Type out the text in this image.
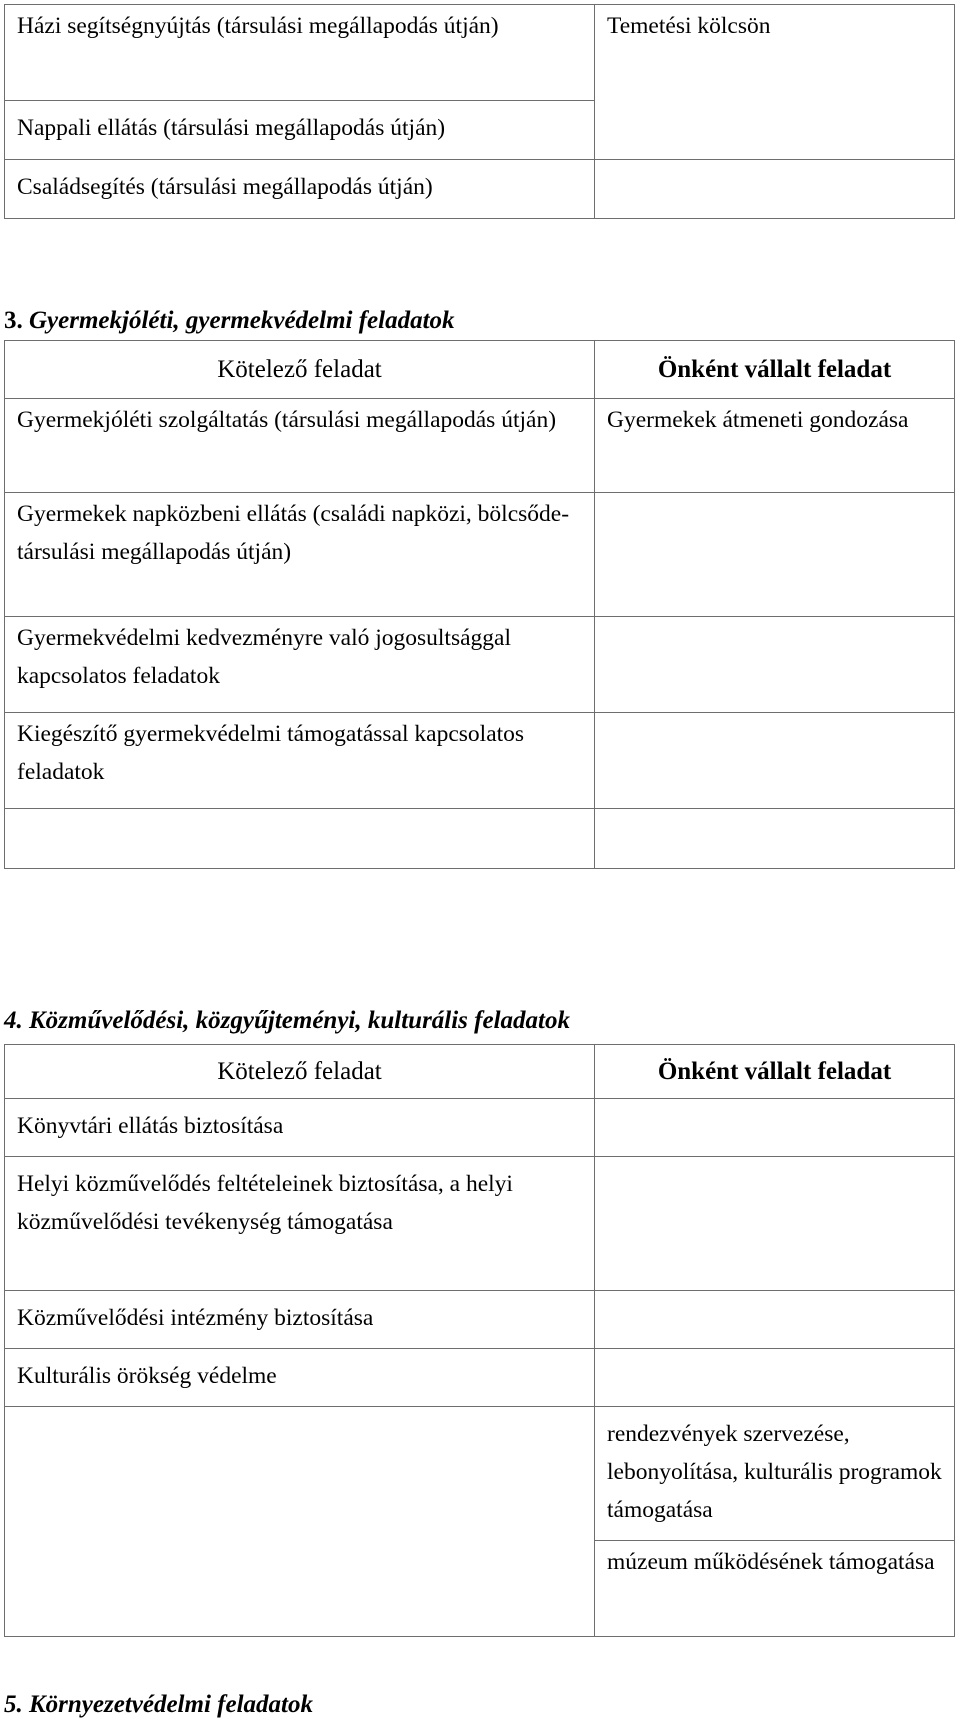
Házi segítségnyújtás (társulási megállapodás útján)	Temetési kölcsön

Nappali ellátás (társulási megállapodás útján)	

Családsegítés (társulási megállapodás útján)	

3. Gyermekjóléti, gyermekvédelmi feladatok
Kötelező feladat	Önként vállalt feladat

Gyermekjóléti szolgáltatás (társulási megállapodás útján)	Gyermekek átmeneti gondozása

Gyermekek napközbeni ellátás (családi napközi, bölcsőde-társulási megállapodás útján)	

Gyermekvédelmi kedvezményre való jogosultsággal kapcsolatos feladatok	

Kiegészítő gyermekvédelmi támogatással kapcsolatos feladatok	

4. Közművelődési, közgyűjteményi, kulturális feladatok
Kötelező feladat	Önként vállalt feladat

Könyvtári ellátás biztosítása	

Helyi közművelődés feltételeinek biztosítása, a helyi közművelődési tevékenység támogatása	

Közművelődési intézmény biztosítása	

Kulturális örökség védelme	

	rendezvények szervezése, lebonyolítása, kulturális programok támogatása

	múzeum működésének támogatása
5. Környezetvédelmi feladatok
